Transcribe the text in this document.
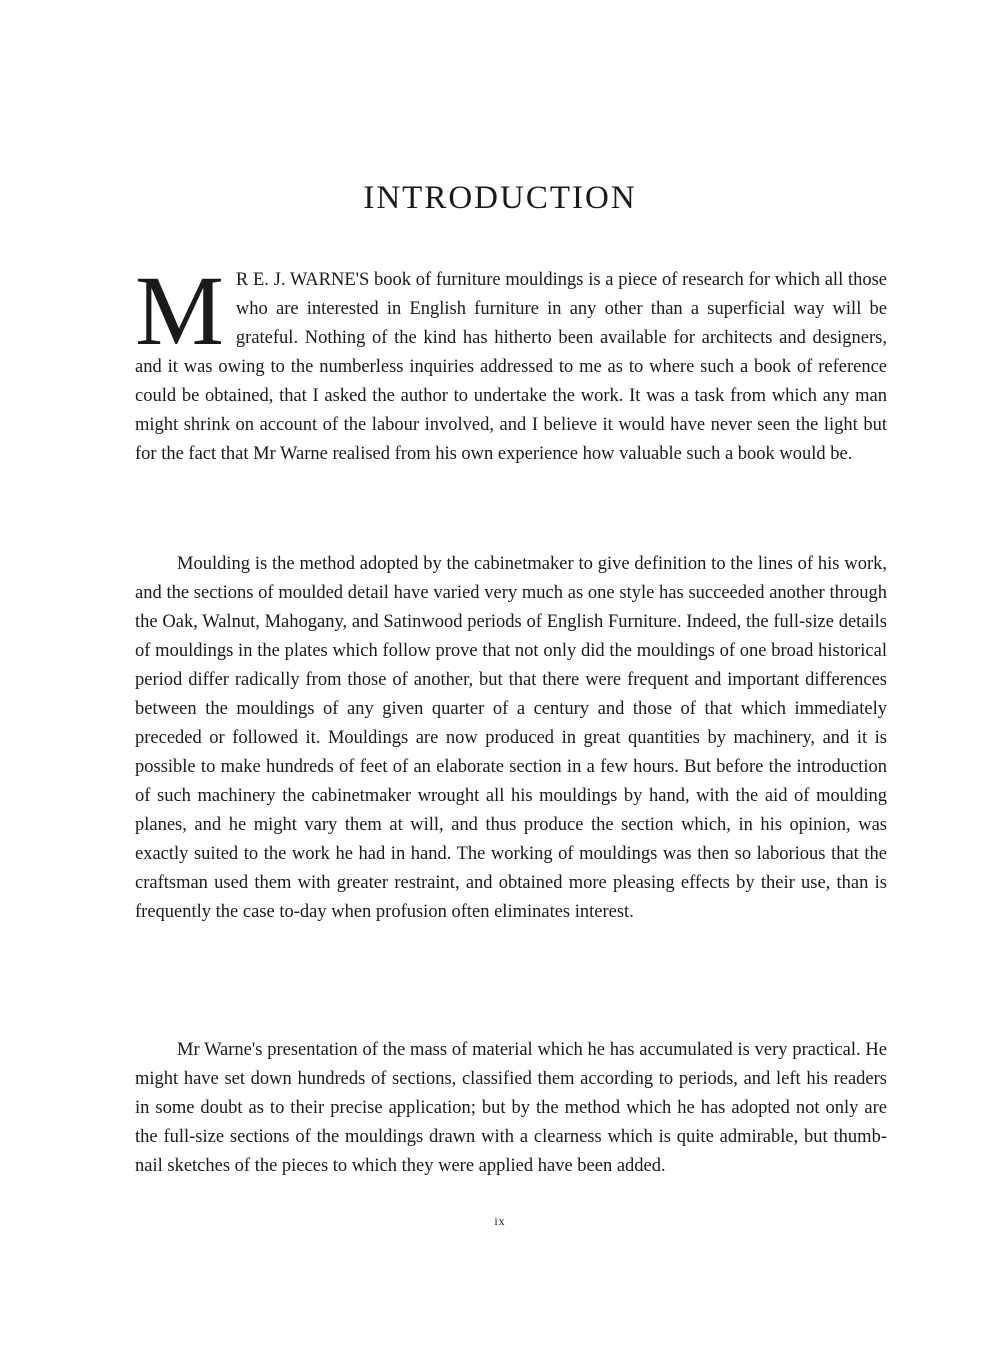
INTRODUCTION

M R E. J. WARNE'S book of furniture mouldings is a piece of research for which all those who are interested in English furniture in any other than a superficial way will be grateful. Nothing of the kind has hitherto been available for architects and designers, and it was owing to the numberless inquiries addressed to me as to where such a book of reference could be obtained, that I asked the author to undertake the work. It was a task from which any man might shrink on account of the labour involved, and I believe it would have never seen the light but for the fact that Mr Warne realised from his own experience how valuable such a book would be.

Moulding is the method adopted by the cabinetmaker to give definition to the lines of his work, and the sections of moulded detail have varied very much as one style has succeeded another through the Oak, Walnut, Mahogany, and Satinwood periods of English Furniture. Indeed, the full-size details of mouldings in the plates which follow prove that not only did the mouldings of one broad historical period differ radically from those of another, but that there were frequent and important differences between the mouldings of any given quarter of a century and those of that which immediately preceded or followed it. Mouldings are now produced in great quantities by machinery, and it is possible to make hundreds of feet of an elaborate section in a few hours. But before the introduction of such machinery the cabinetmaker wrought all his mouldings by hand, with the aid of moulding planes, and he might vary them at will, and thus produce the section which, in his opinion, was exactly suited to the work he had in hand. The working of mouldings was then so laborious that the craftsman used them with greater restraint, and obtained more pleasing effects by their use, than is frequently the case to-day when profusion often eliminates interest.

Mr Warne's presentation of the mass of material which he has accumulated is very practical. He might have set down hundreds of sections, classified them according to periods, and left his readers in some doubt as to their precise application; but by the method which he has adopted not only are the full-size sections of the mouldings drawn with a clearness which is quite admirable, but thumb-nail sketches of the pieces to which they were applied have been added.

ix
